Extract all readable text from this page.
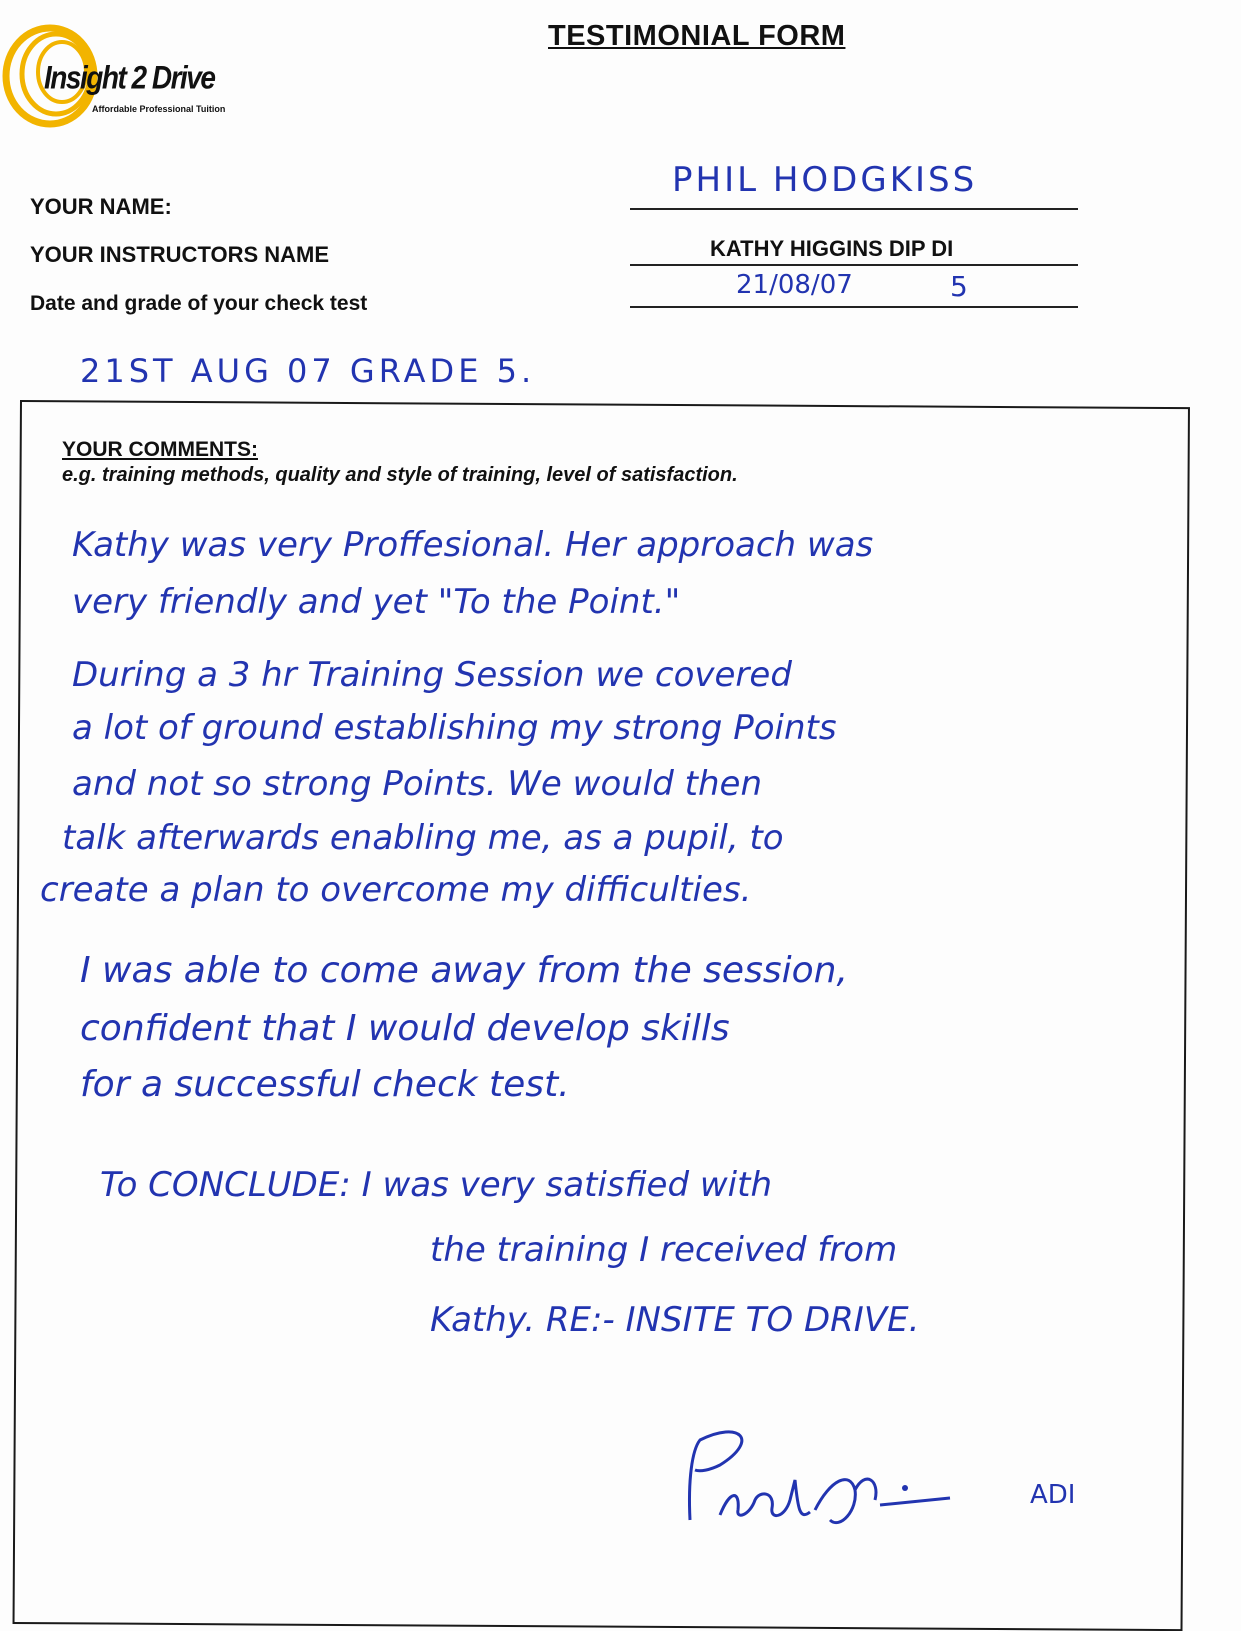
Insight 2 Drive
Affordable Professional Tuition
TESTIMONIAL FORM
YOUR NAME:
PHIL HODGKISS
YOUR INSTRUCTORS NAME	KATHY HIGGINS DIP DI
Date and grade of your check test
21/08/07	5
21ST AUG 07 GRADE 5.
YOUR COMMENTS:
e.g. training methods, quality and style of training, level of satisfaction.
Kathy was very Proffesional. Her approach was
very friendly and yet "To the Point."
During a 3 hr Training Session we covered
a lot of ground establishing my strong Points
and not so strong Points. We would then
talk afterwards enabling me, as a pupil, to
create a plan to overcome my difficulties.
I was able to come away from the session,
confident that I would develop skills
for a successful check test.
To CONCLUDE: I was very satisfied with
the training I received from
Kathy. RE:- INSITE TO DRIVE.
ADI
